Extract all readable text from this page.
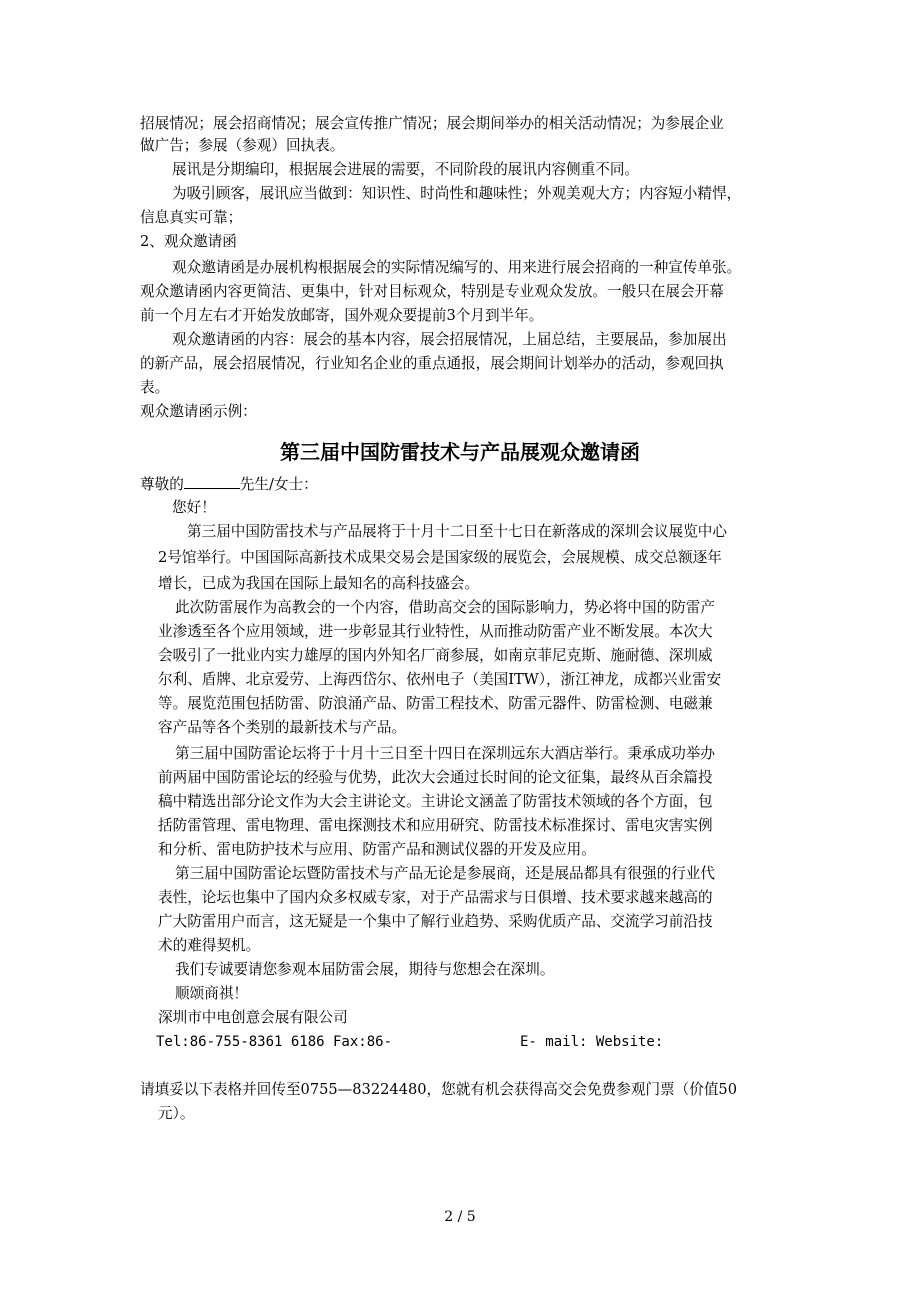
招展情况；展会招商情况；展会宣传推广情况；展会期间举办的相关活动情况；为参展企业
做广告；参展（参观）回执表。
展讯是分期编印，根据展会进展的需要，不同阶段的展讯内容侧重不同。
为吸引顾客，展讯应当做到：知识性、时尚性和趣味性；外观美观大方；内容短小精悍，
信息真实可靠；
2、观众邀请函
观众邀请函是办展机构根据展会的实际情况编写的、用来进行展会招商的一种宣传单张。
观众邀请函内容更简洁、更集中，针对目标观众，特别是专业观众发放。一般只在展会开幕
前一个月左右才开始发放邮寄，国外观众要提前3个月到半年。
观众邀请函的内容：展会的基本内容，展会招展情况，上届总结，主要展品，参加展出
的新产品，展会招展情况，行业知名企业的重点通报，展会期间计划举办的活动，参观回执
表。
观众邀请函示例：
第三届中国防雷技术与产品展观众邀请函
尊敬的	先生/女士：
您好！
第三届中国防雷技术与产品展将于十月十二日至十七日在新落成的深圳会议展览中心
2号馆举行。中国国际高新技术成果交易会是国家级的展览会，会展规模、成交总额逐年
增长，已成为我国在国际上最知名的高科技盛会。
此次防雷展作为高教会的一个内容，借助高交会的国际影响力，势必将中国的防雷产
业渗透至各个应用领域，进一步彰显其行业特性，从而推动防雷产业不断发展。本次大
会吸引了一批业内实力雄厚的国内外知名厂商参展，如南京菲尼克斯、施耐德、深圳威
尔利、盾牌、北京爱劳、上海西岱尔、依州电子（美国ITW），浙江神龙，成都兴业雷安
等。展览范围包括防雷、防浪涌产品、防雷工程技术、防雷元器件、防雷检测、电磁兼
容产品等各个类别的最新技术与产品。
第三届中国防雷论坛将于十月十三日至十四日在深圳远东大酒店举行。秉承成功举办
前两届中国防雷论坛的经验与优势，此次大会通过长时间的论文征集，最终从百余篇投
稿中精选出部分论文作为大会主讲论文。主讲论文涵盖了防雷技术领域的各个方面，包
括防雷管理、雷电物理、雷电探测技术和应用研究、防雷技术标准探讨、雷电灾害实例
和分析、雷电防护技术与应用、防雷产品和测试仪器的开发及应用。
第三届中国防雷论坛暨防雷技术与产品无论是参展商，还是展品都具有很强的行业代
表性，论坛也集中了国内众多权威专家，对于产品需求与日俱增、技术要求越来越高的
广大防雷用户而言，这无疑是一个集中了解行业趋势、采购优质产品、交流学习前沿技
术的难得契机。
我们专诚要请您参观本届防雷会展，期待与您想会在深圳。
顺颂商祺！
深圳市中电创意会展有限公司
Tel:86-755-8361 6186 Fax:86-	E- mail: Website:
请填妥以下表格并回传至0755—83224480，您就有机会获得高交会免费参观门票（价值50
元）。
2 / 5
